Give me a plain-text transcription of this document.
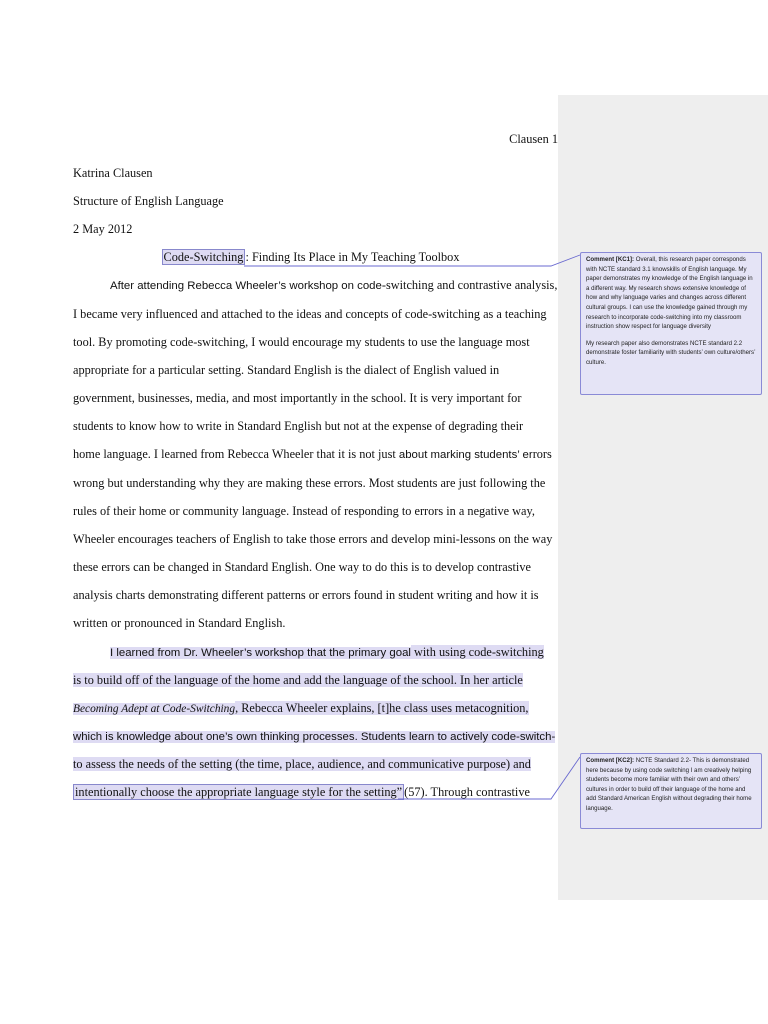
Clausen 1
Katrina Clausen
Structure of English Language
2 May 2012
Code-Switching : Finding Its Place in My Teaching Toolbox
After attending Rebecca Wheeler’s workshop on code-switching and contrastive analysis,
I became very influenced and attached to the ideas and concepts of code-switching as a teaching
tool. By promoting code-switching, I would encourage my students to use the language most
appropriate for a particular setting. Standard English is the dialect of English valued in
government, businesses, media, and most importantly in the school. It is very important for
students to know how to write in Standard English but not at the expense of degrading their
home language. I learned from Rebecca Wheeler that it is not just about marking students’ errors
wrong but understanding why they are making these errors. Most students are just following the
rules of their home or community language. Instead of responding to errors in a negative way,
Wheeler encourages teachers of English to take those errors and develop mini-lessons on the way
these errors can be changed in Standard English. One way to do this is to develop contrastive
analysis charts demonstrating different patterns or errors found in student writing and how it is
written or pronounced in Standard English.
I learned from Dr. Wheeler’s workshop that the primary goal with using code-switching
is to build off of the language of the home and add the language of the school. In her article
Becoming Adept at Code-Switching, Rebecca Wheeler explains, [t]he class uses metacognition,
which is knowledge about one’s own thinking processes. Students learn to actively code-switch-
to assess the needs of the setting (the time, place, audience, and communicative purpose) and
intentionally choose the appropriate language style for the setting” (57). Through contrastive

Comment [KC1]: Overall, this research paper corresponds with NCTE standard 3.1 knowskills of English language. My paper demonstrates my knowledge of the English language in a different way. My research shows extensive knowledge of how and why language varies and changes across different cultural groups. I can use the knowledge gained through my research to incorporate code-switching into my classroom instruction show respect for language diversity

My research paper also demonstrates NCTE standard 2.2 demonstrate foster familiarity with students’ own culture/others’ culture.

Comment [KC2]: NCTE Standard 2.2- This is demonstrated here because by using code switching I am creatively helping students become more familiar with their own and others’ cultures in order to build off their language of the home and add Standard American English without degrading their home language.
